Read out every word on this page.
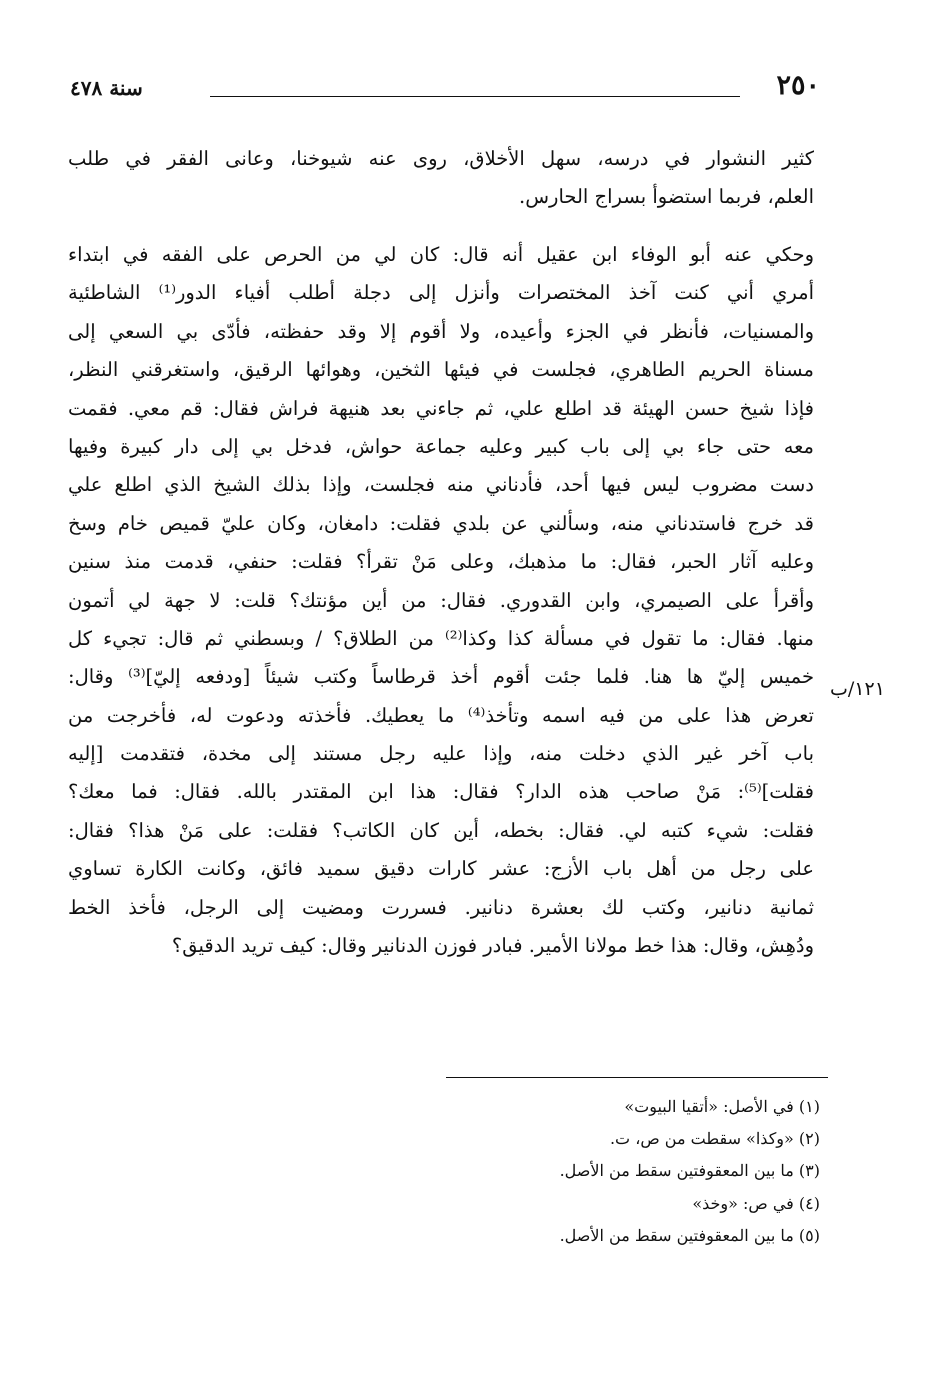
٢٥٠
سنة ٤٧٨
كثير النشوار في درسه، سهل الأخلاق، روى عنه شيوخنا، وعانى الفقر في طلب
العلم، فربما استضوأ بسراج الحارس.
وحكي عنه أبو الوفاء ابن عقيل أنه قال: كان لي من الحرص على الفقه في ابتداء
أمري أني كنت آخذ المختصرات وأنزل إلى دجلة أطلب أفياء الدور⁽¹⁾ الشاطئية
والمسنيات، فأنظر في الجزء وأعيده، ولا أقوم إلا وقد حفظته، فأدّى بي السعي إلى
مسناة الحريم الطاهري، فجلست في فيئها الثخين، وهوائها الرقيق، واستغرقني النظر،
فإذا شيخ حسن الهيئة قد اطلع علي، ثم جاءني بعد هنيهة فراش فقال: قم معي. فقمت
معه حتى جاء بي إلى باب كبير وعليه جماعة حواش، فدخل بي إلى دار كبيرة وفيها
دست مضروب ليس فيها أحد، فأدناني منه فجلست، وإذا بذلك الشيخ الذي اطلع علي
قد خرج فاستدناني منه، وسألني عن بلدي فقلت: دامغان، وكان عليّ قميص خام وسخ
وعليه آثار الحبر، فقال: ما مذهبك، وعلى مَنْ تقرأ؟ فقلت: حنفي، قدمت منذ سنين
وأقرأ على الصيمري، وابن القدوري. فقال: من أين مؤنتك؟ قلت: لا جهة لي أتمون
منها. فقال: ما تقول في مسألة كذا وكذا⁽²⁾ من الطلاق؟ / وبسطني ثم قال: تجيء كل
خميس إليّ ها هنا. فلما جئت أقوم أخذ قرطاساً وكتب شيئاً [ودفعه إليّ]⁽³⁾ وقال:
تعرض هذا على من فيه اسمه وتأخذ⁽⁴⁾ ما يعطيك. فأخذته ودعوت له، فأخرجت من
باب آخر غير الذي دخلت منه، وإذا عليه رجل مستند إلى مخدة، فتقدمت [إليه
فقلت]⁽⁵⁾: مَنْ صاحب هذه الدار؟ فقال: هذا ابن المقتدر بالله. فقال: فما معك؟
فقلت: شيء كتبه لي. فقال: بخطه، أين كان الكاتب؟ فقلت: على مَنْ هذا؟ فقال:
على رجل من أهل باب الأزج: عشر كارات دقيق سميد فائق، وكانت الكارة تساوي
ثمانية دنانير، وكتب لك بعشرة دنانير. فسررت ومضيت إلى الرجل، فأخذ الخط
ودُهِش، وقال: هذا خط مولانا الأمير. فبادر فوزن الدنانير وقال: كيف تريد الدقيق؟
١٢١/ب
(١) في الأصل: «أتقيا البيوت»
(٢) «وكذا» سقطت من ص، ت.
(٣) ما بين المعقوفتين سقط من الأصل.
(٤) في ص: «وخذ»
(٥) ما بين المعقوفتين سقط من الأصل.
